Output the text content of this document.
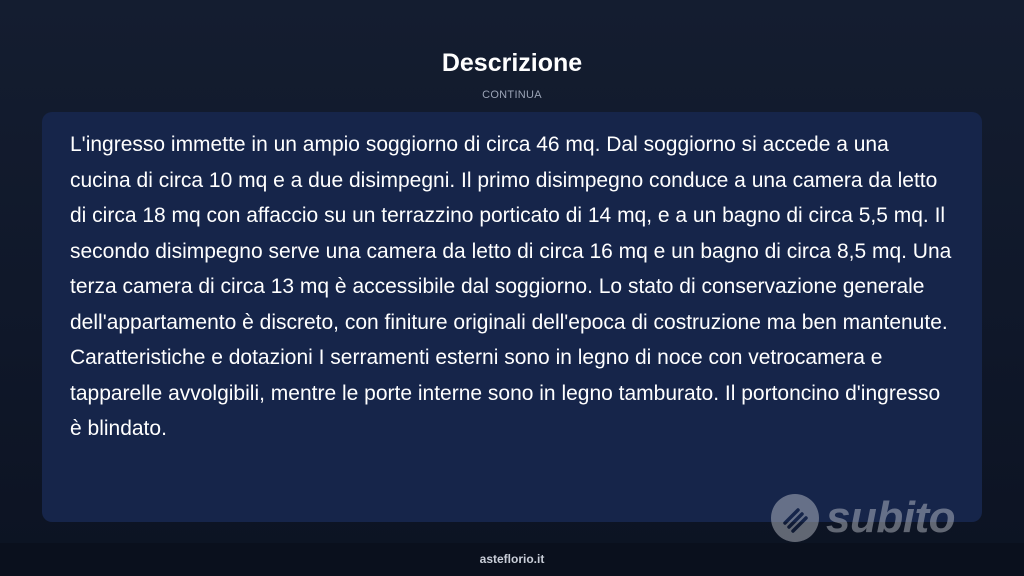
Descrizione
CONTINUA

L'ingresso immette in un ampio soggiorno di circa 46 mq. Dal soggiorno si accede a una cucina di circa 10 mq e a due disimpegni. Il primo disimpegno conduce a una camera da letto di circa 18 mq con affaccio su un terrazzino porticato di 14 mq, e a un bagno di circa 5,5 mq. Il secondo disimpegno serve una camera da letto di circa 16 mq e un bagno di circa 8,5 mq. Una terza camera di circa 13 mq è accessibile dal soggiorno. Lo stato di conservazione generale dell'appartamento è discreto, con finiture originali dell'epoca di costruzione ma ben mantenute. Caratteristiche e dotazioni I serramenti esterni sono in legno di noce con vetrocamera e tapparelle avvolgibili, mentre le porte interne sono in legno tamburato. Il portoncino d'ingresso è blindato.

subito
asteflorio.it
